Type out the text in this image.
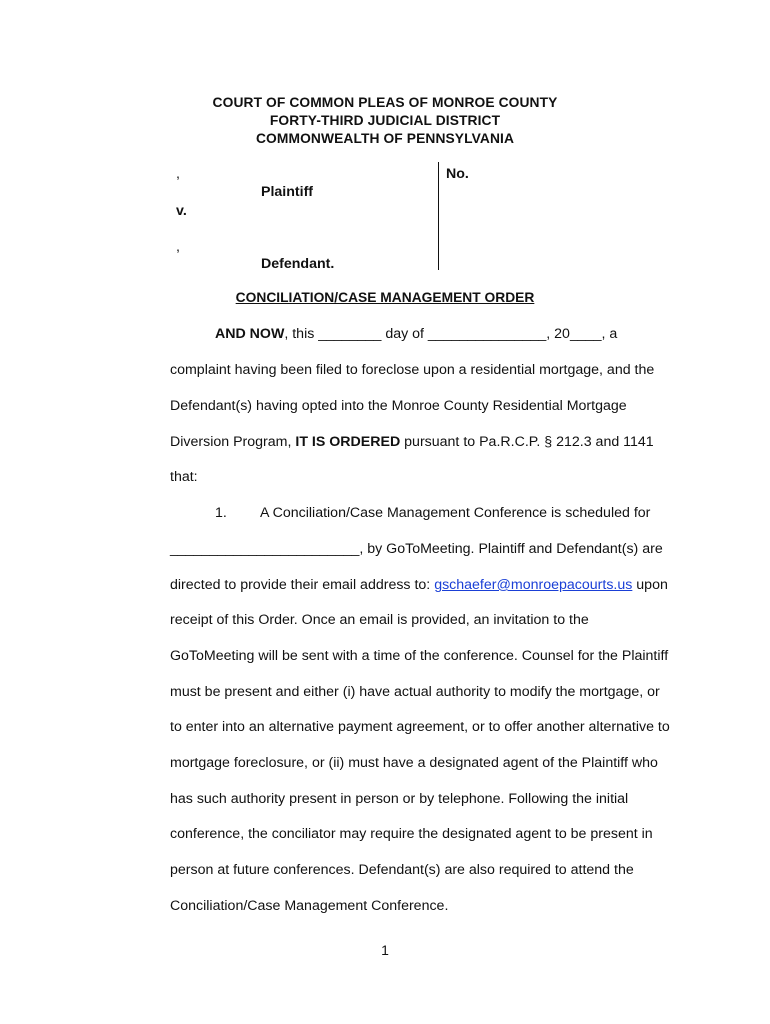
COURT OF COMMON PLEAS OF MONROE COUNTY
FORTY-THIRD JUDICIAL DISTRICT
COMMONWEALTH OF PENNSYLVANIA
,
Plaintiff
v.
,
Defendant.
No.
CONCILIATION/CASE MANAGEMENT ORDER
AND NOW, this ________ day of _______________, 20____, a
complaint having been filed to foreclose upon a residential mortgage, and the
Defendant(s) having opted into the Monroe County Residential Mortgage
Diversion Program, IT IS ORDERED pursuant to Pa.R.C.P. § 212.3 and 1141
that:
1. A Conciliation/Case Management Conference is scheduled for
________________________, by GoToMeeting. Plaintiff and Defendant(s) are
directed to provide their email address to: gschaefer@monroepacourts.us upon
receipt of this Order. Once an email is provided, an invitation to the
GoToMeeting will be sent with a time of the conference. Counsel for the Plaintiff
must be present and either (i) have actual authority to modify the mortgage, or
to enter into an alternative payment agreement, or to offer another alternative to
mortgage foreclosure, or (ii) must have a designated agent of the Plaintiff who
has such authority present in person or by telephone. Following the initial
conference, the conciliator may require the designated agent to be present in
person at future conferences. Defendant(s) are also required to attend the
Conciliation/Case Management Conference.
1
